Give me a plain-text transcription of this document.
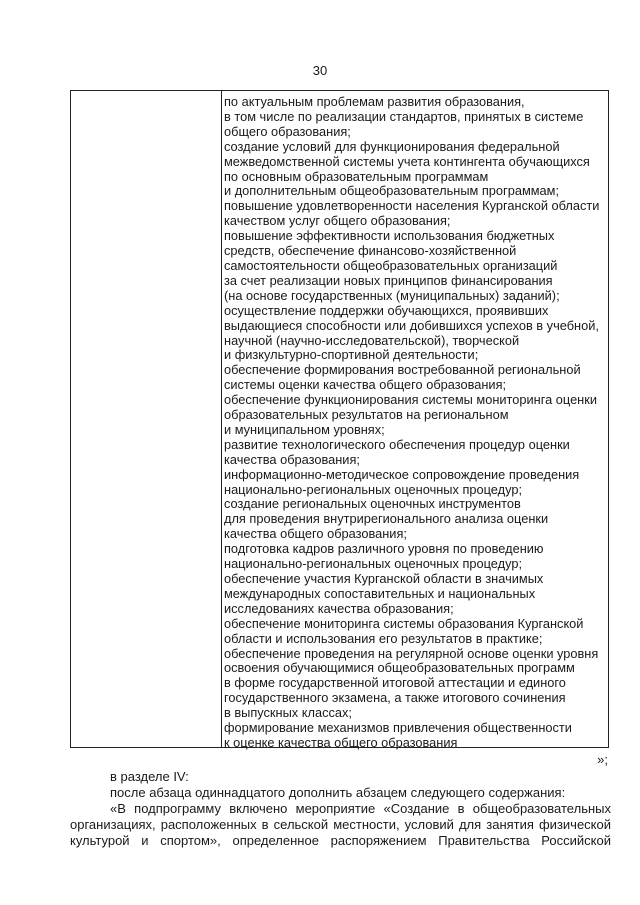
30
по актуальным проблемам развития образования,
в том числе по реализации стандартов, принятых в системе
общего образования;
создание условий для функционирования федеральной
межведомственной системы учета контингента обучающихся
по основным образовательным программам
и дополнительным общеобразовательным программам;
повышение удовлетворенности населения Курганской области
качеством услуг общего образования;
повышение эффективности использования бюджетных
средств, обеспечение финансово-хозяйственной
самостоятельности общеобразовательных организаций
за счет реализации новых принципов финансирования
(на основе государственных (муниципальных) заданий);
осуществление поддержки обучающихся, проявивших
выдающиеся способности или добившихся успехов в учебной,
научной (научно-исследовательской), творческой
и физкультурно-спортивной деятельности;
обеспечение формирования востребованной региональной
системы оценки качества общего образования;
обеспечение функционирования системы мониторинга оценки
образовательных результатов на региональном
и муниципальном уровнях;
развитие технологического обеспечения процедур оценки
качества образования;
информационно-методическое сопровождение проведения
национально-региональных оценочных процедур;
создание региональных оценочных инструментов
для проведения внутрирегионального анализа оценки
качества общего образования;
подготовка кадров различного уровня по проведению
национально-региональных оценочных процедур;
обеспечение участия Курганской области в значимых
международных сопоставительных и национальных
исследованиях качества образования;
обеспечение мониторинга системы образования Курганской
области и использования его результатов в практике;
обеспечение проведения на регулярной основе оценки уровня
освоения обучающимися общеобразовательных программ
в форме государственной итоговой аттестации и единого
государственного экзамена, а также итогового сочинения
в выпускных классах;
формирование механизмов привлечения общественности
к оценке качества общего образования
»;
в разделе IV:
после абзаца одиннадцатого дополнить абзацем следующего содержания:
«В подпрограмму включено мероприятие «Создание в общеобразовательных
организациях, расположенных в сельской местности, условий для занятия физической
культурой и спортом», определенное распоряжением Правительства Российской
